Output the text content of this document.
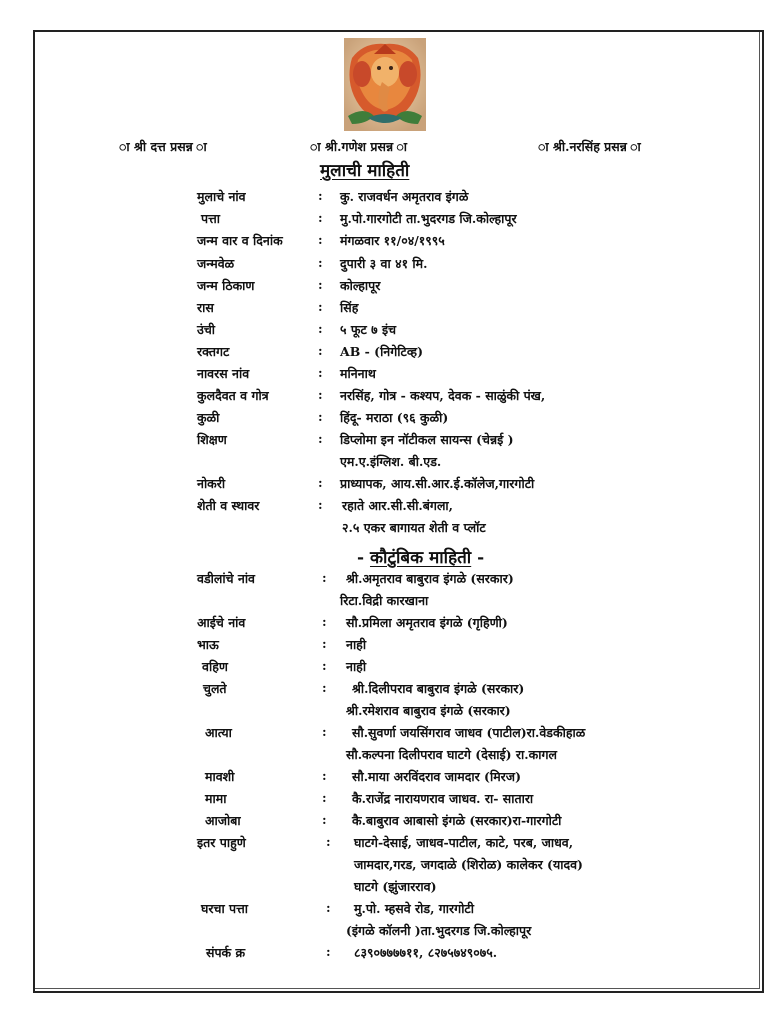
ा श्री दत्त प्रसन्न ा	ा श्री.गणेश प्रसन्न ा	ा श्री.नरसिंह प्रसन्न ा
मुलाची माहिती
मुलाचे नांव	: कु. राजवर्धन अमृतराव इंगळे
पत्ता	: मु.पो.गारगोटी ता.भुदरगड जि.कोल्हापूर
जन्म वार व दिनांक	: मंगळवार ११/०४/१९९५
जन्मवेळ	: दुपारी ३ वा ४१ मि.
जन्म ठिकाण	: कोल्हापूर
रास	: सिंह
उंची	: ५ फूट ७ इंच
रक्तगट	: AB - (निगेटिव्ह)
नावरस नांव	: मनिनाथ
कुलदैवत व गोत्र	: नरसिंह, गोत्र - कश्यप, देवक - साळुंकी पंख,
कुळी	: हिंदू- मराठा (९६ कुळी)
शिक्षण	: डिप्लोमा इन नॉटीकल सायन्स (चेन्नई )
एम.ए.इंग्लिश. बी.एड.
नोकरी	: प्राध्यापक, आय.सी.आर.ई.कॉलेज,गारगोटी
शेती व स्थावर	: रहाते आर.सी.सी.बंगला,
२.५ एकर बागायत शेती व प्लॉट
- कौटुंबिक माहिती -
वडीलांचे नांव	: श्री.अमृतराव बाबुराव इंगळे (सरकार)
रिटा.विद्री कारखाना
आईचे नांव	: सौ.प्रमिला अमृतराव इंगळे (गृहिणी)
भाऊ	: नाही
वहिण	: नाही
चुलते	: श्री.दिलीपराव बाबुराव इंगळे (सरकार)
श्री.रमेशराव बाबुराव इंगळे (सरकार)
आत्या	: सौ.सुवर्णा जयसिंगराव जाधव (पाटील)रा.वेडकीहाळ
सौ.कल्पना दिलीपराव घाटगे (देसाई) रा.कागल
मावशी	: सौ.माया अरविंदराव जामदार (मिरज)
मामा	: कै.राजेंद्र नारायणराव जाधव. रा- सातारा
आजोबा	: कै.बाबुराव आबासो इंगळे (सरकार)रा-गारगोटी
इतर पाहुणे	: घाटगे-देसाई, जाधव-पाटील, काटे, परब, जाधव,
जामदार,गरड, जगदाळे (शिरोळ) कालेकर (यादव)
घाटगे (झुंजारराव)
घरचा पत्ता	: मु.पो. म्हसवे रोड, गारगोटी
(इंगळे कॉलनी )ता.भुदरगड जि.कोल्हापूर
संपर्क क्र	: ८३९०७७७७११, ८२७५७४९०७५.
